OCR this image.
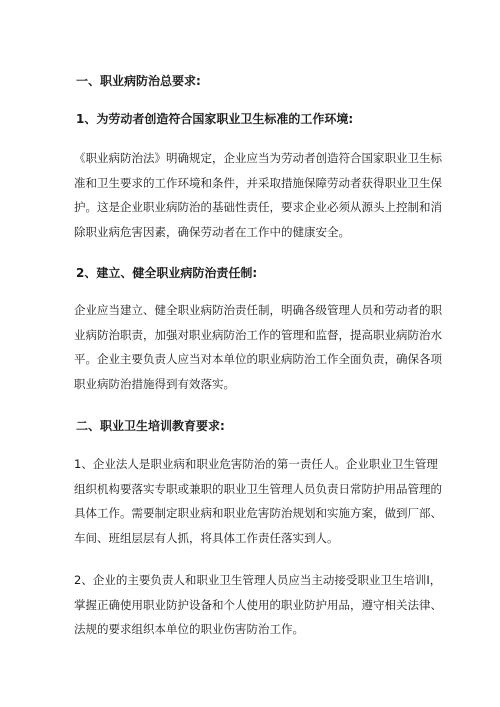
一、职业病防治总要求:
1、为劳动者创造符合国家职业卫生标准的工作环境:
《职业病防治法》明确规定，企业应当为劳动者创造符合国家职业卫生标
准和卫生要求的工作环境和条件，并采取措施保障劳动者获得职业卫生保
护。这是企业职业病防治的基础性责任，要求企业必须从源头上控制和消
除职业病危害因素，确保劳动者在工作中的健康安全。
2、建立、健全职业病防治责任制:
企业应当建立、健全职业病防治责任制，明确各级管理人员和劳动者的职
业病防治职责，加强对职业病防治工作的管理和监督，提高职业病防治水
平。企业主要负责人应当对本单位的职业病防治工作全面负责，确保各项
职业病防治措施得到有效落实。
二、职业卫生培训教育要求:
1、企业法人是职业病和职业危害防治的第一责任人。企业职业卫生管理
组织机构要落实专职或兼职的职业卫生管理人员负责日常防护用品管理的
具体工作。需要制定职业病和职业危害防治规划和实施方案，做到厂部、
车间、班组层层有人抓，将具体工作责任落实到人。
2、企业的主要负责人和职业卫生管理人员应当主动接受职业卫生培训I，
掌握正确使用职业防护设备和个人使用的职业防护用品，遵守相关法律、
法规的要求组织本单位的职业伤害防治工作。
